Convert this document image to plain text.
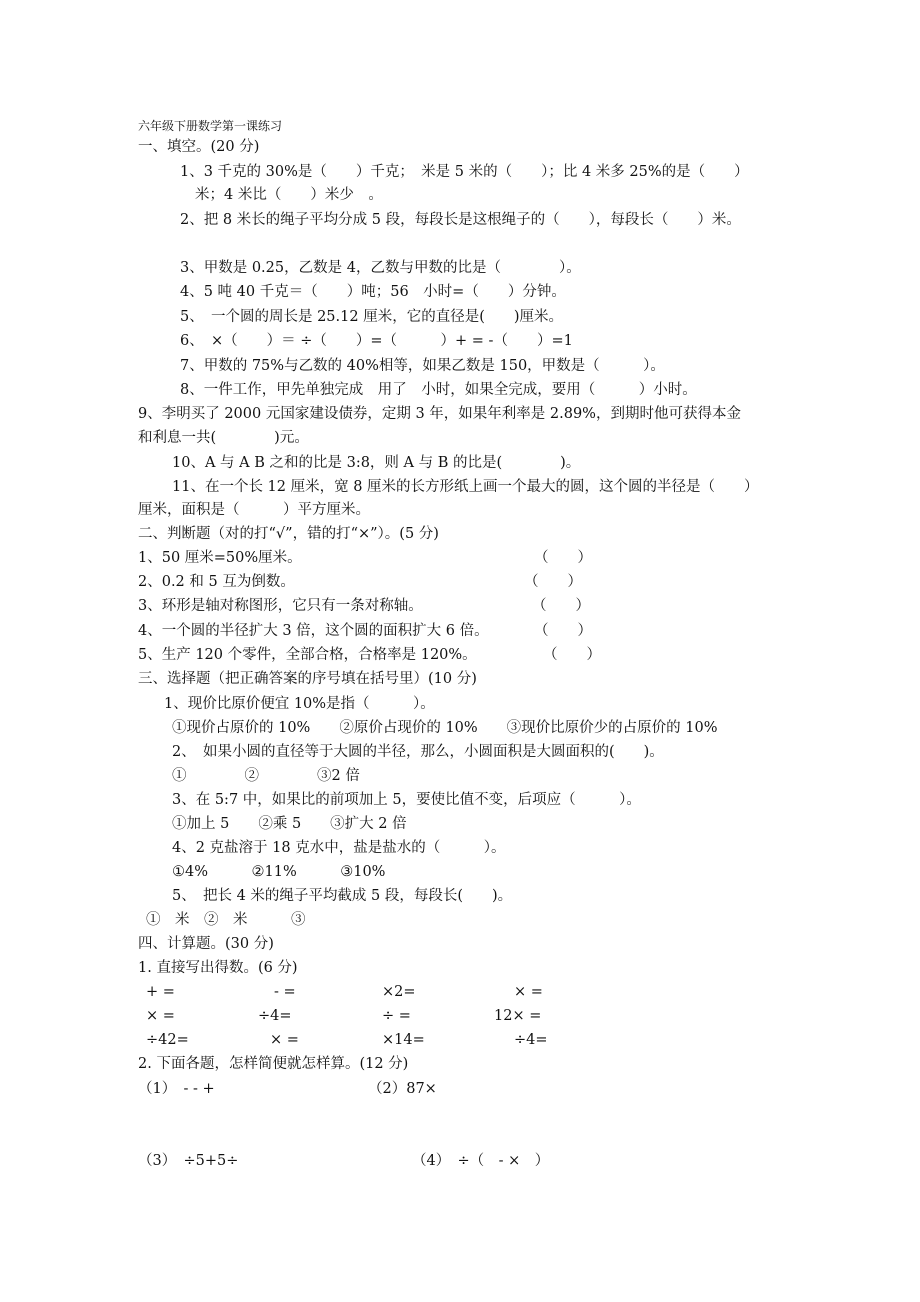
六年级下册数学第一课练习
一、填空。(20 分)
1、3 千克的 30%是（　　）千克；　米是 5 米的（　　）；比 4 米多 25%的是（　　）
米；4 米比（　　）米少　。
2、把 8 米长的绳子平均分成 5 段，每段长是这根绳子的（　　），每段长（　　）米。
3、甲数是 0.25，乙数是 4，乙数与甲数的比是（　　　　）。
4、5 吨 40 千克＝（　　）吨；56　小时=（　　）分钟。
5、　一个圆的周长是 25.12 厘米，它的直径是(　　)厘米。
6、　×（　　）＝ ÷（　　）=（　　　）+ = -（　　）=1
7、甲数的 75%与乙数的 40%相等，如果乙数是 150，甲数是（　　　）。
8、一件工作，甲先单独完成　用了　小时，如果全完成，要用（　　　）小时。
9、李明买了 2000 元国家建设债券，定期 3 年，如果年利率是 2.89%，到期时他可获得本金
和利息一共(　　　　)元。
10、A 与 A B 之和的比是 3:8，则 A 与 B 的比是(　　　　)。
11、在一个长 12 厘米，宽 8 厘米的长方形纸上画一个最大的圆，这个圆的半径是（　　）
厘米，面积是（　　　）平方厘米。
二、判断题（对的打“√”，错的打“×”）。(5 分)
1、50 厘米=50%厘米。	（　　）
2、0.2 和 5 互为倒数。	（　　）
3、环形是轴对称图形，它只有一条对称轴。	（　　）
4、一个圆的半径扩大 3 倍，这个圆的面积扩大 6 倍。	（　　）
5、生产 120 个零件，全部合格，合格率是 120%。	（　　）
三、选择题（把正确答案的序号填在括号里）(10 分)
1、现价比原价便宜 10%是指（　　　）。
①现价占原价的 10%　　②原价占现价的 10%　　③现价比原价少的占原价的 10%
2、　如果小圆的直径等于大圆的半径，那么，小圆面积是大圆面积的(　　)。
①　　　　②　　　　③2 倍
3、在 5:7 中，如果比的前项加上 5，要使比值不变，后项应（　　　）。
①加上 5　　②乘 5　　③扩大 2 倍
4、2 克盐溶于 18 克水中，盐是盐水的（　　　）。
①4%　　　②11%　　　③10%
5、　把长 4 米的绳子平均截成 5 段，每段长(　　)。
①　米　②　米　　　③
四、计算题。(30 分)
1. 直接写出得数。(6 分)
+ =	- =	×2=	× =
× =	÷4=	÷ =	12× =
÷42=	× =	×14=	÷4=
2. 下面各题，怎样简便就怎样算。(12 分)
（1）　- - +	（2）87×
（3）　÷5+5÷	（4）　÷（　- ×　）
